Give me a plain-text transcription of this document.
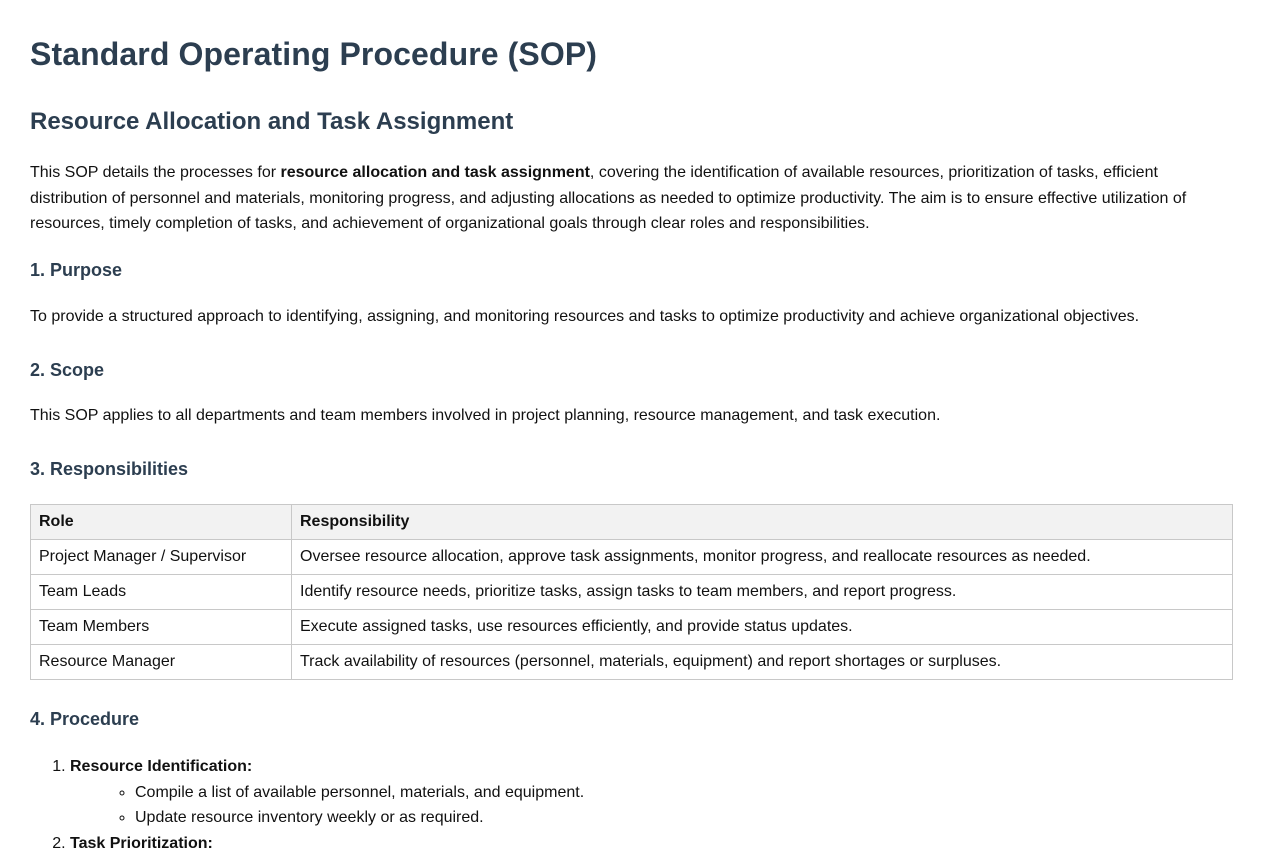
Standard Operating Procedure (SOP)
Resource Allocation and Task Assignment

This SOP details the processes for resource allocation and task assignment, covering the identification of available resources, prioritization of tasks, efficient distribution of personnel and materials, monitoring progress, and adjusting allocations as needed to optimize productivity. The aim is to ensure effective utilization of resources, timely completion of tasks, and achievement of organizational goals through clear roles and responsibilities.

1. Purpose

To provide a structured approach to identifying, assigning, and monitoring resources and tasks to optimize productivity and achieve organizational objectives.

2. Scope

This SOP applies to all departments and team members involved in project planning, resource management, and task execution.

3. Responsibilities
Role	Responsibility
Project Manager / Supervisor	Oversee resource allocation, approve task assignments, monitor progress, and reallocate resources as needed.
Team Leads	Identify resource needs, prioritize tasks, assign tasks to team members, and report progress.
Team Members	Execute assigned tasks, use resources efficiently, and provide status updates.
Resource Manager	Track availability of resources (personnel, materials, equipment) and report shortages or surpluses.
4. Procedure
1. Resource Identification:
◦ Compile a list of available personnel, materials, and equipment.
◦ Update resource inventory weekly or as required.
2. Task Prioritization:
